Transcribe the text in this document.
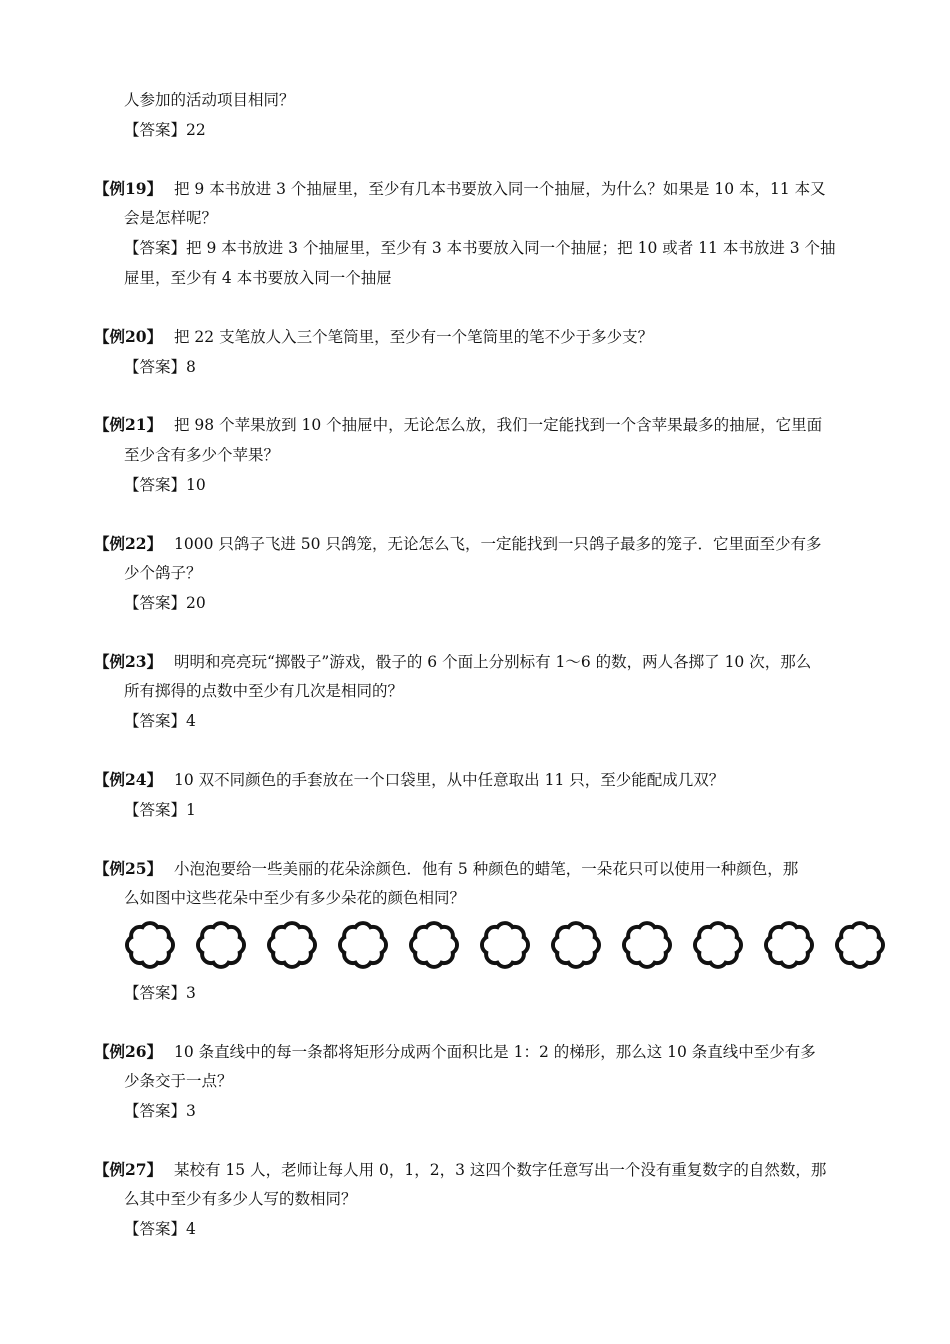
人参加的活动项目相同？
【答案】22
【例19】 把 9 本书放进 3 个抽屉里，至少有几本书要放入同一个抽屉，为什么？如果是 10 本，11 本又
会是怎样呢？
【答案】把 9 本书放进 3 个抽屉里，至少有 3 本书要放入同一个抽屉；把 10 或者 11 本书放进 3 个抽
屉里，至少有 4 本书要放入同一个抽屉
【例20】 把 22 支笔放人入三个笔筒里，至少有一个笔筒里的笔不少于多少支？
【答案】8
【例21】 把 98 个苹果放到 10 个抽屉中，无论怎么放，我们一定能找到一个含苹果最多的抽屉，它里面
至少含有多少个苹果？
【答案】10
【例22】 1000 只鸽子飞进 50 只鸽笼，无论怎么飞，一定能找到一只鸽子最多的笼子．它里面至少有多
少个鸽子？
【答案】20
【例23】 明明和亮亮玩“掷骰子”游戏，骰子的 6 个面上分别标有 1～6 的数，两人各掷了 10 次，那么
所有掷得的点数中至少有几次是相同的？
【答案】4
【例24】 10 双不同颜色的手套放在一个口袋里，从中任意取出 11 只，至少能配成几双？
【答案】1
【例25】 小泡泡要给一些美丽的花朵涂颜色．他有 5 种颜色的蜡笔，一朵花只可以使用一种颜色，那
么如图中这些花朵中至少有多少朵花的颜色相同？
【答案】3
【例26】 10 条直线中的每一条都将矩形分成两个面积比是 1：2 的梯形，那么这 10 条直线中至少有多
少条交于一点？
【答案】3
【例27】 某校有 15 人，老师让每人用 0，1，2，3 这四个数字任意写出一个没有重复数字的自然数，那
么其中至少有多少人写的数相同？
【答案】4
